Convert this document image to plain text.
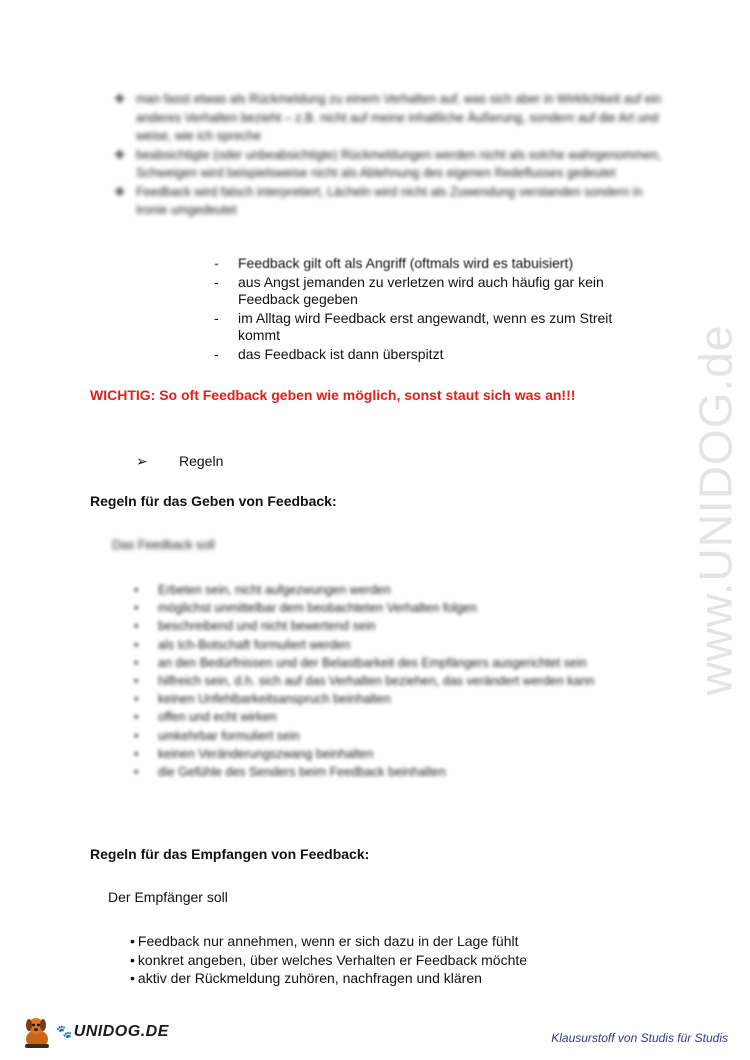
www.UNIDOG.de
❖ man fasst etwas als Rückmeldung zu einem Verhalten auf, was sich aber in Wirklichkeit auf ein anderes Verhalten bezieht – z.B. nicht auf meine inhaltliche Äußerung, sondern auf die Art und weise, wie ich spreche
❖ beabsichtigte (oder unbeabsichtigte) Rückmeldungen werden nicht als solche wahrgenommen, Schweigen wird beispielsweise nicht als Ablehnung des eigenen Redeflusses gedeutet
❖ Feedback wird falsch interpretiert, Lächeln wird nicht als Zuwendung verstanden sondern in Ironie umgedeutet
- Feedback gilt oft als Angriff (oftmals wird es tabuisiert)
- aus Angst jemanden zu verletzen wird auch häufig gar kein Feedback gegeben
- im Alltag wird Feedback erst angewandt, wenn es zum Streit kommt
- das Feedback ist dann überspitzt
WICHTIG: So oft Feedback geben wie möglich, sonst staut sich was an!!!
➢ Regeln
Regeln für das Geben von Feedback:
Das Feedback soll
• Erbeten sein, nicht aufgezwungen werden
• möglichst unmittelbar dem beobachteten Verhalten folgen
• beschreibend und nicht bewertend sein
• als Ich-Botschaft formuliert werden
• an den Bedürfnissen und der Belastbarkeit des Empfängers ausgerichtet sein
• hilfreich sein, d.h. sich auf das Verhalten beziehen, das verändert werden kann
• keinen Unfehlbarkeitsanspruch beinhalten
• offen und echt wirken
• umkehrbar formuliert sein
• keinen Veränderungszwang beinhalten
• die Gefühle des Senders beim Feedback beinhalten
Regeln für das Empfangen von Feedback:
Der Empfänger soll
• Feedback nur annehmen, wenn er sich dazu in der Lage fühlt
• konkret angeben, über welches Verhalten er Feedback möchte
• aktiv der Rückmeldung zuhören, nachfragen und klären
🐾UNIDOG.DE	Klausurstoff von Studis für Studis
